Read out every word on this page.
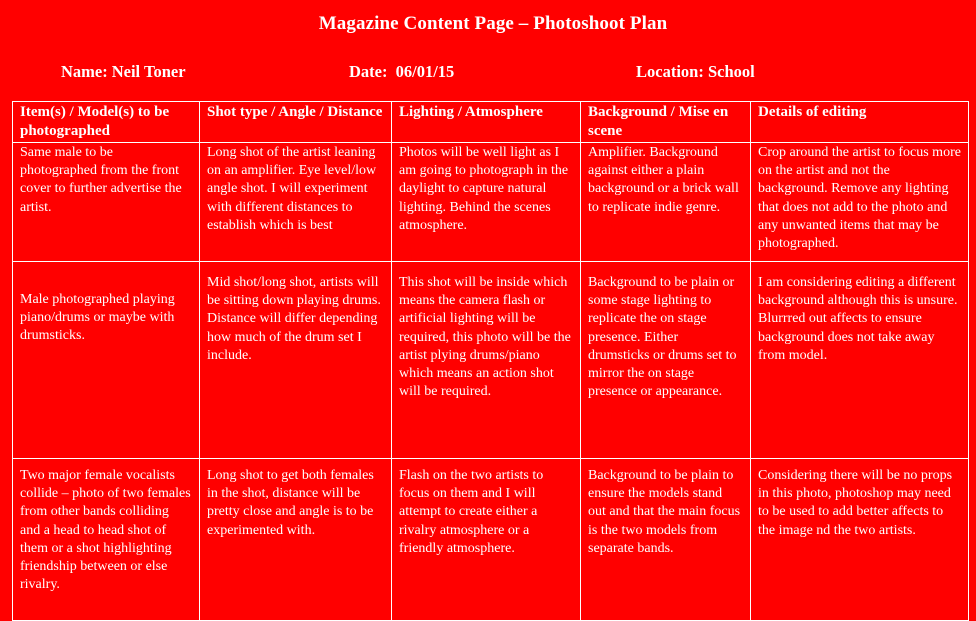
Magazine Content Page – Photoshoot Plan
Name: Neil Toner	Date: 06/01/15	Location: School
Item(s) / Model(s) to be photographed	Shot type / Angle / Distance	Lighting / Atmosphere	Background / Mise en scene	Details of editing
Same male to be photographed from the front cover to further advertise the artist.	Long shot of the artist leaning on an amplifier. Eye level/low angle shot. I will experiment with different distances to establish which is best	Photos will be well light as I am going to photograph in the daylight to capture natural lighting. Behind the scenes atmosphere.	Amplifier. Background against either a plain background or a brick wall to replicate indie genre.	Crop around the artist to focus more on the artist and not the background. Remove any lighting that does not add to the photo and any unwanted items that may be photographed.
Male photographed playing piano/drums or maybe with drumsticks.	Mid shot/long shot, artists will be sitting down playing drums. Distance will differ depending how much of the drum set I include.	This shot will be inside which means the camera flash or artificial lighting will be required, this photo will be the artist plying drums/piano which means an action shot will be required.	Background to be plain or some stage lighting to replicate the on stage presence. Either drumsticks or drums set to mirror the on stage presence or appearance.	I am considering editing a different background although this is unsure. Blurrred out affects to ensure background does not take away from model.
Two major female vocalists collide – photo of two females from other bands colliding and a head to head shot of them or a shot highlighting friendship between or else rivalry.	Long shot to get both females in the shot, distance will be pretty close and angle is to be experimented with.	Flash on the two artists to focus on them and I will attempt to create either a rivalry atmosphere or a friendly atmosphere.	Background to be plain to ensure the models stand out and that the main focus is the two models from separate bands.	Considering there will be no props in this photo, photoshop may need to be used to add better affects to the image nd the two artists.
